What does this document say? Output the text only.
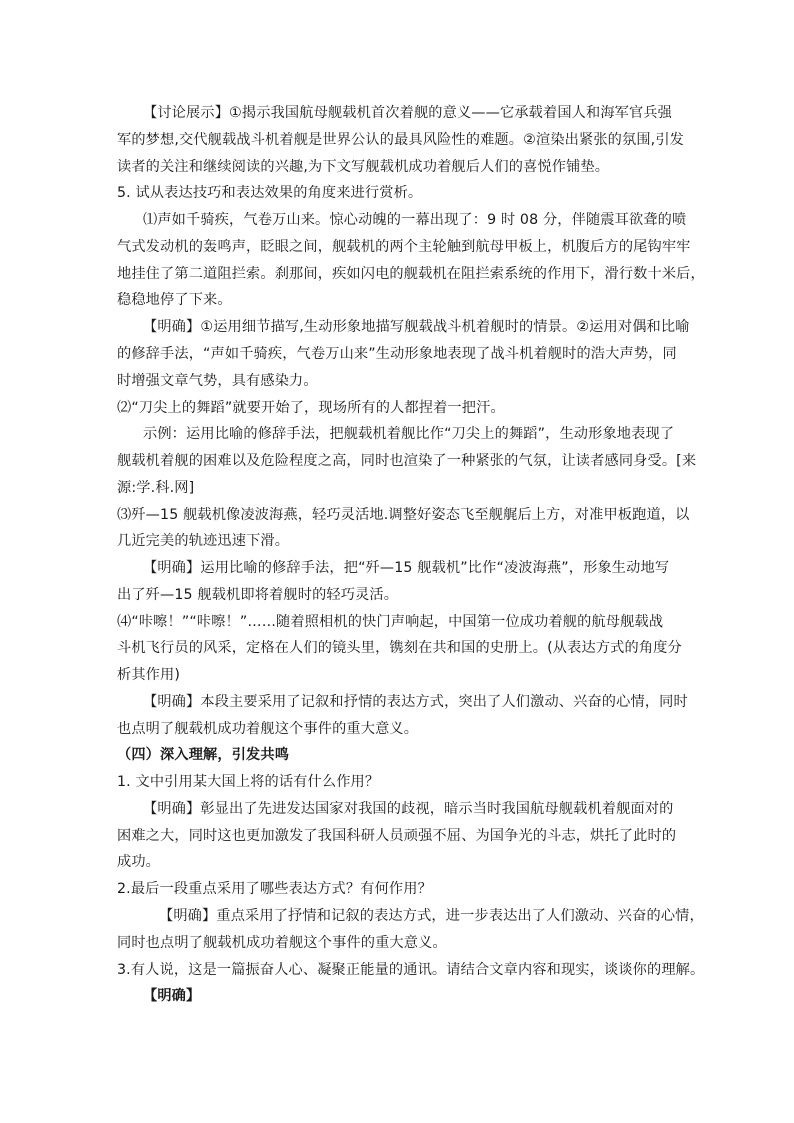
【讨论展示】①揭示我国航母舰载机首次着舰的意义——它承载着国人和海军官兵强
军的梦想,交代舰载战斗机着舰是世界公认的最具风险性的难题。②渲染出紧张的氛围,引发
读者的关注和继续阅读的兴趣,为下文写舰载机成功着舰后人们的喜悦作铺垫。
5. 试从表达技巧和表达效果的角度来进行赏析。
⑴声如千骑疾，气卷万山来。惊心动魄的一幕出现了：9 时 08 分，伴随震耳欲聋的喷
气式发动机的轰鸣声，眨眼之间，舰载机的两个主轮触到航母甲板上，机腹后方的尾钩牢牢
地挂住了第二道阻拦索。刹那间，疾如闪电的舰载机在阻拦索系统的作用下，滑行数十米后，
稳稳地停了下来。
【明确】①运用细节描写,生动形象地描写舰载战斗机着舰时的情景。②运用对偶和比喻
的修辞手法，“声如千骑疾，气卷万山来”生动形象地表现了战斗机着舰时的浩大声势，同
时增强文章气势，具有感染力。
⑵“刀尖上的舞蹈”就要开始了，现场所有的人都捏着一把汗。
示例：运用比喻的修辞手法，把舰载机着舰比作“刀尖上的舞蹈”，生动形象地表现了
舰载机着舰的困难以及危险程度之高，同时也渲染了一种紧张的气氛，让读者感同身受。[来
源:学.科.网]
⑶歼—15 舰载机像凌波海燕，轻巧灵活地.调整好姿态飞至舰艉后上方，对准甲板跑道，以
几近完美的轨迹迅速下滑。
【明确】运用比喻的修辞手法，把“歼—15 舰载机”比作“凌波海燕”，形象生动地写
出了歼—15 舰载机即将着舰时的轻巧灵活。
⑷“咔嚓！”“咔嚓！”……随着照相机的快门声响起，中国第一位成功着舰的航母舰载战
斗机飞行员的风采，定格在人们的镜头里，镌刻在共和国的史册上。(从表达方式的角度分
析其作用)
【明确】本段主要采用了记叙和抒情的表达方式，突出了人们激动、兴奋的心情，同时
也点明了舰载机成功着舰这个事件的重大意义。
（四）深入理解，引发共鸣
1. 文中引用某大国上将的话有什么作用？
【明确】彰显出了先进发达国家对我国的歧视，暗示当时我国航母舰载机着舰面对的
困难之大，同时这也更加激发了我国科研人员顽强不屈、为国争光的斗志，烘托了此时的
成功。
2.最后一段重点采用了哪些表达方式？有何作用？
【明确】重点采用了抒情和记叙的表达方式，进一步表达出了人们激动、兴奋的心情，
同时也点明了舰载机成功着舰这个事件的重大意义。
3.有人说，这是一篇振奋人心、凝聚正能量的通讯。请结合文章内容和现实，谈谈你的理解。
【明确】
